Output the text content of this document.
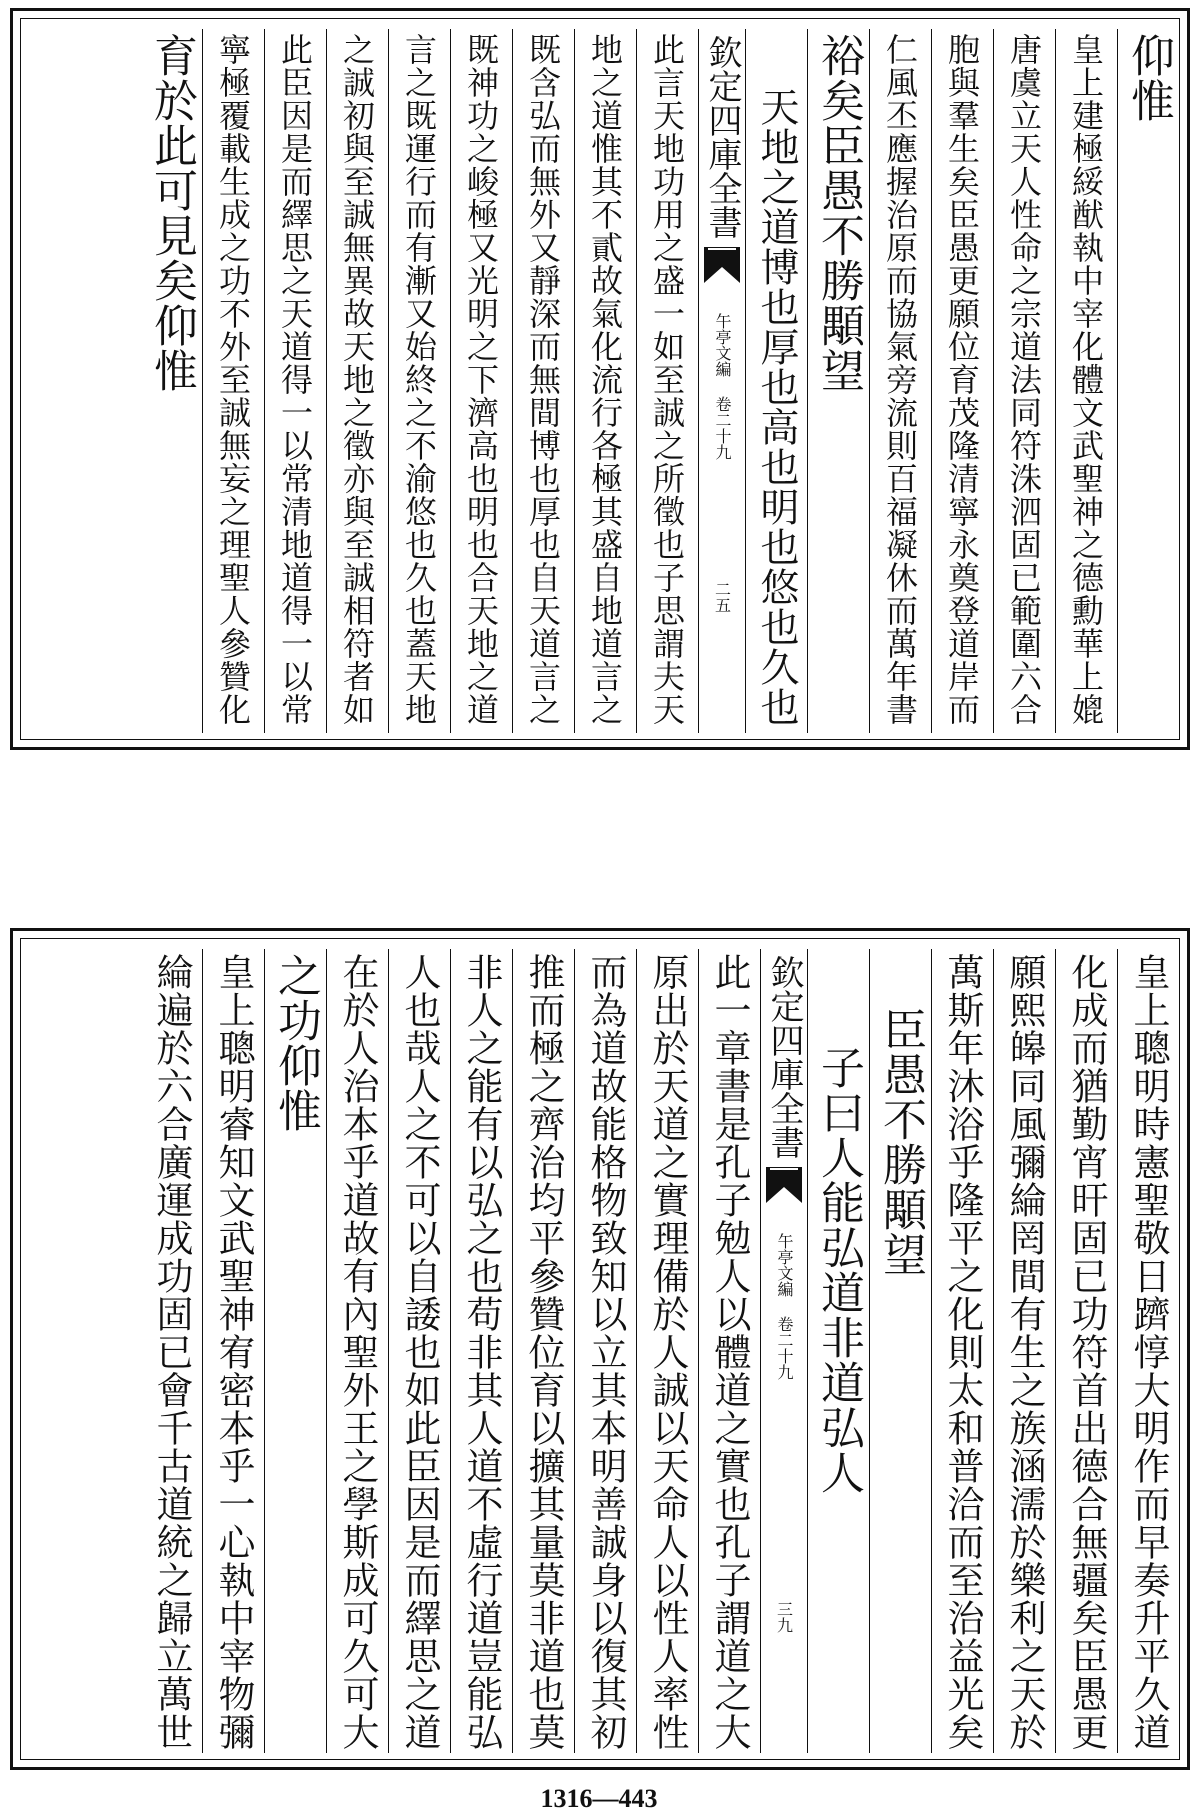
仰惟
皇上建極綏猷執中宰化體文武聖神之德勳華上媲
唐虞立天人性命之宗道法同符洙泗固已範圍六合
胞與羣生矣臣愚更願位育茂隆清寧永奠登道岸而
仁風丕應握治原而協氣旁流則百福凝休而萬年書
裕矣臣愚不勝顒望
天地之道博也厚也高也明也悠也久也
欽定四庫全書
午亭文編 卷二十九
二五
此言天地功用之盛一如至誠之所徵也子思謂夫天
地之道惟其不貳故氣化流行各極其盛自地道言之
既含弘而無外又靜深而無間博也厚也自天道言之
既神功之峻極又光明之下濟高也明也合天地之道
言之既運行而有漸又始終之不渝悠也久也蓋天地
之誠初與至誠無異故天地之徵亦與至誠相符者如
此臣因是而繹思之天道得一以常清地道得一以常
寧極覆載生成之功不外至誠無妄之理聖人參贊化
育於此可見矣仰惟
皇上聰明時憲聖敬日躋惇大明作而早奏升平久道
化成而猶勤宵旰固已功符首出德合無疆矣臣愚更
願熙皞同風彌綸罔間有生之族涵濡於樂利之天於
萬斯年沐浴乎隆平之化則太和普洽而至治益光矣
臣愚不勝顒望
子曰人能弘道非道弘人
欽定四庫全書
午亭文編 卷二十九
三九
此一章書是孔子勉人以體道之實也孔子謂道之大
原出於天道之實理備於人誠以天命人以性人率性
而為道故能格物致知以立其本明善誠身以復其初
推而極之齊治均平參贊位育以擴其量莫非道也莫
非人之能有以弘之也苟非其人道不虛行道豈能弘
人也哉人之不可以自諉也如此臣因是而繹思之道
在於人治本乎道故有內聖外王之學斯成可久可大
之功仰惟
皇上聰明睿知文武聖神宥密本乎一心執中宰物彌
綸遍於六合廣運成功固已會千古道統之歸立萬世
1316—443
